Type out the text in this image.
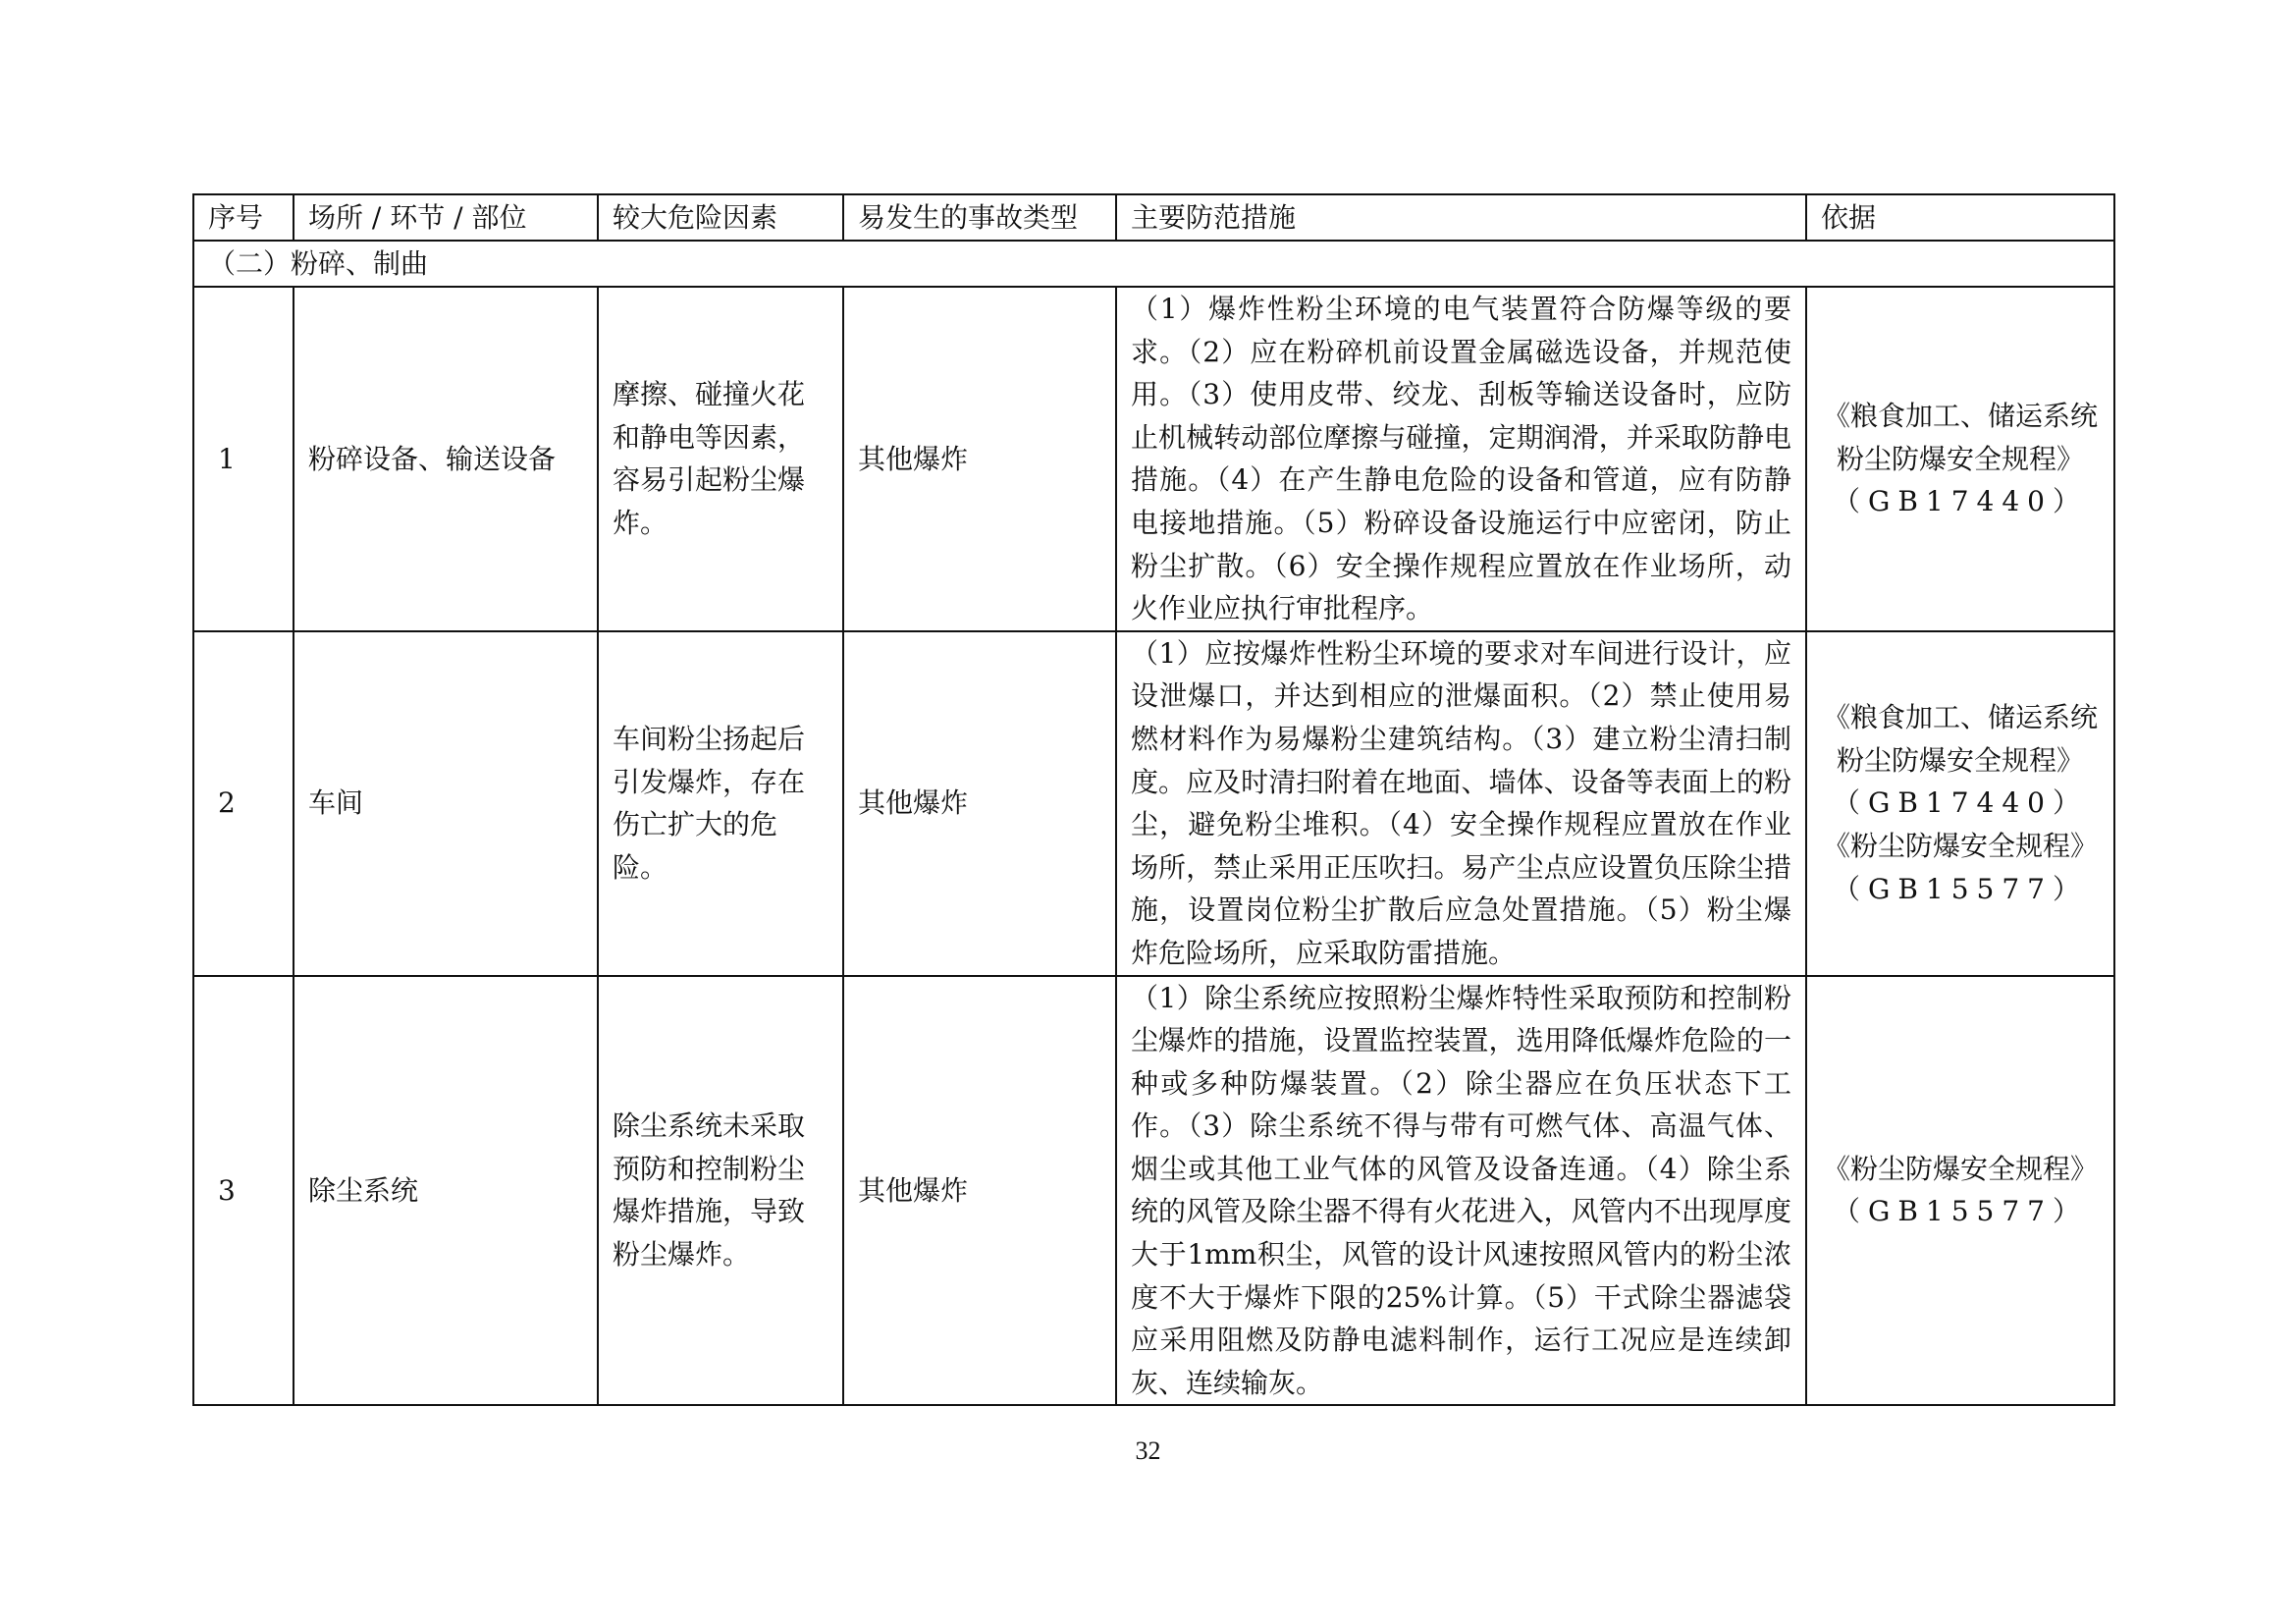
序号	场所 / 环节 / 部位	较大危险因素	易发生的事故类型	主要防范措施	依据
（二）粉碎、制曲					
1	粉碎设备、输送设备	摩擦、碰撞火花和静电等因素，容易引起粉尘爆炸。	其他爆炸	（1）爆炸性粉尘环境的电气装置符合防爆等级的要求。（2）应在粉碎机前设置金属磁选设备，并规范使用。（3）使用皮带、绞龙、刮板等输送设备时，应防止机械转动部位摩擦与碰撞，定期润滑，并采取防静电措施。（4）在产生静电危险的设备和管道，应有防静电接地措施。（5）粉碎设备设施运行中应密闭，防止粉尘扩散。（6）安全操作规程应置放在作业场所，动火作业应执行审批程序。	《粮食加工、储运系统粉尘防爆安全规程》
（GB17440）

2	车间	车间粉尘扬起后引发爆炸，存在伤亡扩大的危险。	其他爆炸	（1）应按爆炸性粉尘环境的要求对车间进行设计，应设泄爆口，并达到相应的泄爆面积。（2）禁止使用易燃材料作为易爆粉尘建筑结构。（3）建立粉尘清扫制度。应及时清扫附着在地面、墙体、设备等表面上的粉尘，避免粉尘堆积。（4）安全操作规程应置放在作业场所，禁止采用正压吹扫。易产尘点应设置负压除尘措施，设置岗位粉尘扩散后应急处置措施。（5）粉尘爆炸危险场所，应采取防雷措施。	《粮食加工、储运系统粉尘防爆安全规程》
（GB17440）
《粉尘防爆安全规程》
（GB15577）

3	除尘系统	除尘系统未采取预防和控制粉尘爆炸措施，导致粉尘爆炸。	其他爆炸	（1）除尘系统应按照粉尘爆炸特性采取预防和控制粉尘爆炸的措施，设置监控装置，选用降低爆炸危险的一种或多种防爆装置。（2）除尘器应在负压状态下工作。（3）除尘系统不得与带有可燃气体、高温气体、烟尘或其他工业气体的风管及设备连通。（4）除尘系统的风管及除尘器不得有火花进入，风管内不出现厚度大于1mm积尘，风管的设计风速按照风管内的粉尘浓度不大于爆炸下限的25%计算。（5）干式除尘器滤袋应采用阻燃及防静电滤料制作，运行工况应是连续卸灰、连续输灰。	《粉尘防爆安全规程》
（GB15577）
32
